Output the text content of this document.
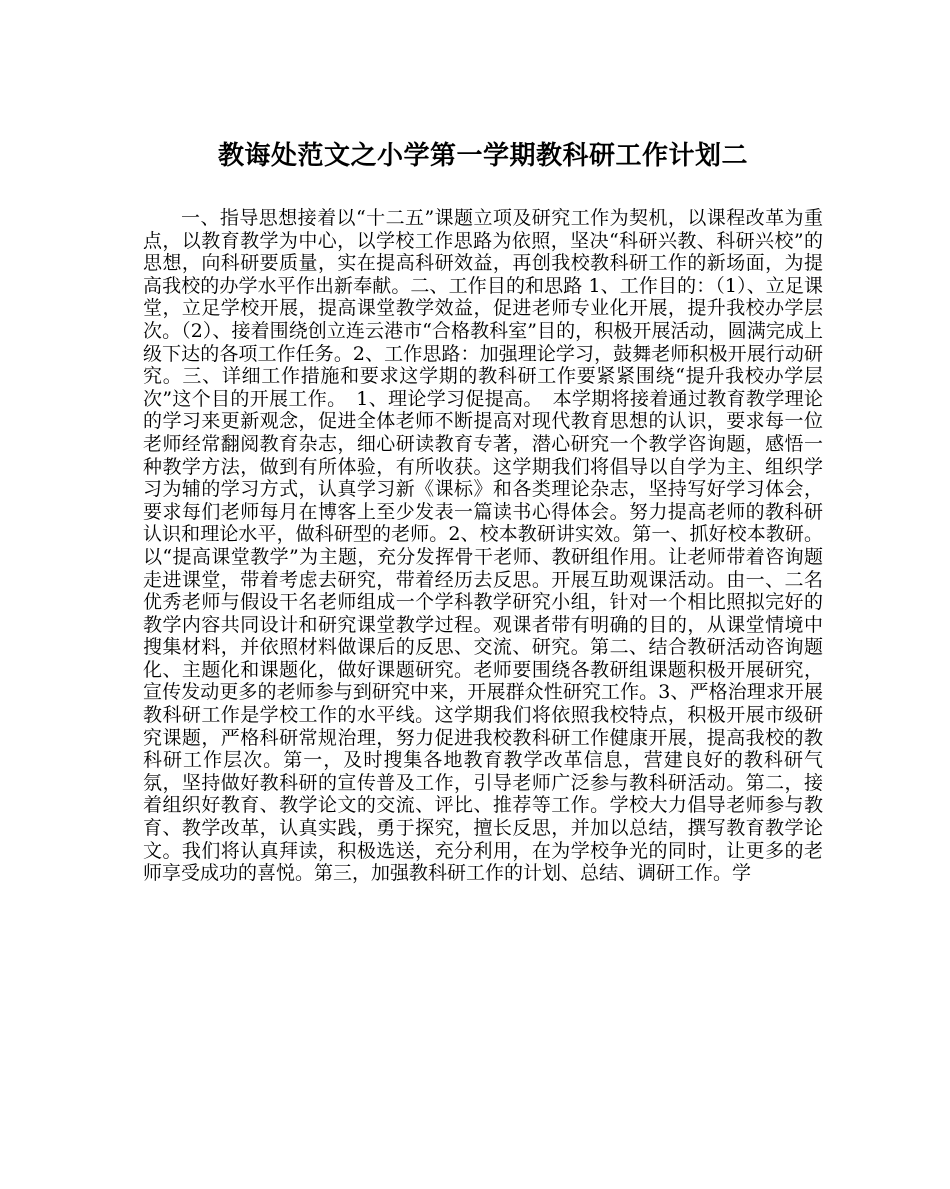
教诲处范文之小学第一学期教科研工作计划二

一、指导思想接着以“十二五”课题立项及研究工作为契机，以课程改革为重点，以教育教学为中心，以学校工作思路为依照，坚决“科研兴教、科研兴校”的思想，向科研要质量，实在提高科研效益，再创我校教科研工作的新场面，为提高我校的办学水平作出新奉献。二、工作目的和思路 1、工作目的：（1）、立足课堂，立足学校开展，提高课堂教学效益，促进老师专业化开展，提升我校办学层次。（2）、接着围绕创立连云港市“合格教科室”目的，积极开展活动，圆满完成上级下达的各项工作任务。2、工作思路：加强理论学习，鼓舞老师积极开展行动研究。三、详细工作措施和要求这学期的教科研工作要紧紧围绕“提升我校办学层次”这个目的开展工作。　1、理论学习促提高。　本学期将接着通过教育教学理论的学习来更新观念，促进全体老师不断提高对现代教育思想的认识，要求每一位老师经常翻阅教育杂志，细心研读教育专著，潜心研究一个教学咨询题，感悟一种教学方法，做到有所体验，有所收获。这学期我们将倡导以自学为主、组织学习为辅的学习方式，认真学习新《课标》和各类理论杂志，坚持写好学习体会，要求每们老师每月在博客上至少发表一篇读书心得体会。努力提高老师的教科研认识和理论水平，做科研型的老师。2、校本教研讲实效。第一、抓好校本教研。以“提高课堂教学”为主题，充分发挥骨干老师、教研组作用。让老师带着咨询题走进课堂，带着考虑去研究，带着经历去反思。开展互助观课活动。由一、二名优秀老师与假设干名老师组成一个学科教学研究小组，针对一个相比照拟完好的教学内容共同设计和研究课堂教学过程。观课者带有明确的目的，从课堂情境中搜集材料，并依照材料做课后的反思、交流、研究。第二、结合教研活动咨询题化、主题化和课题化，做好课题研究。老师要围绕各教研组课题积极开展研究，宣传发动更多的老师参与到研究中来，开展群众性研究工作。3、严格治理求开展教科研工作是学校工作的水平线。这学期我们将依照我校特点，积极开展市级研究课题，严格科研常规治理，努力促进我校教科研工作健康开展，提高我校的教科研工作层次。第一，及时搜集各地教育教学改革信息，营建良好的教科研气氛，坚持做好教科研的宣传普及工作，引导老师广泛参与教科研活动。第二，接着组织好教育、教学论文的交流、评比、推荐等工作。学校大力倡导老师参与教育、教学改革，认真实践，勇于探究，擅长反思，并加以总结，撰写教育教学论文。我们将认真拜读，积极选送，充分利用，在为学校争光的同时，让更多的老师享受成功的喜悦。第三，加强教科研工作的计划、总结、调研工作。学
